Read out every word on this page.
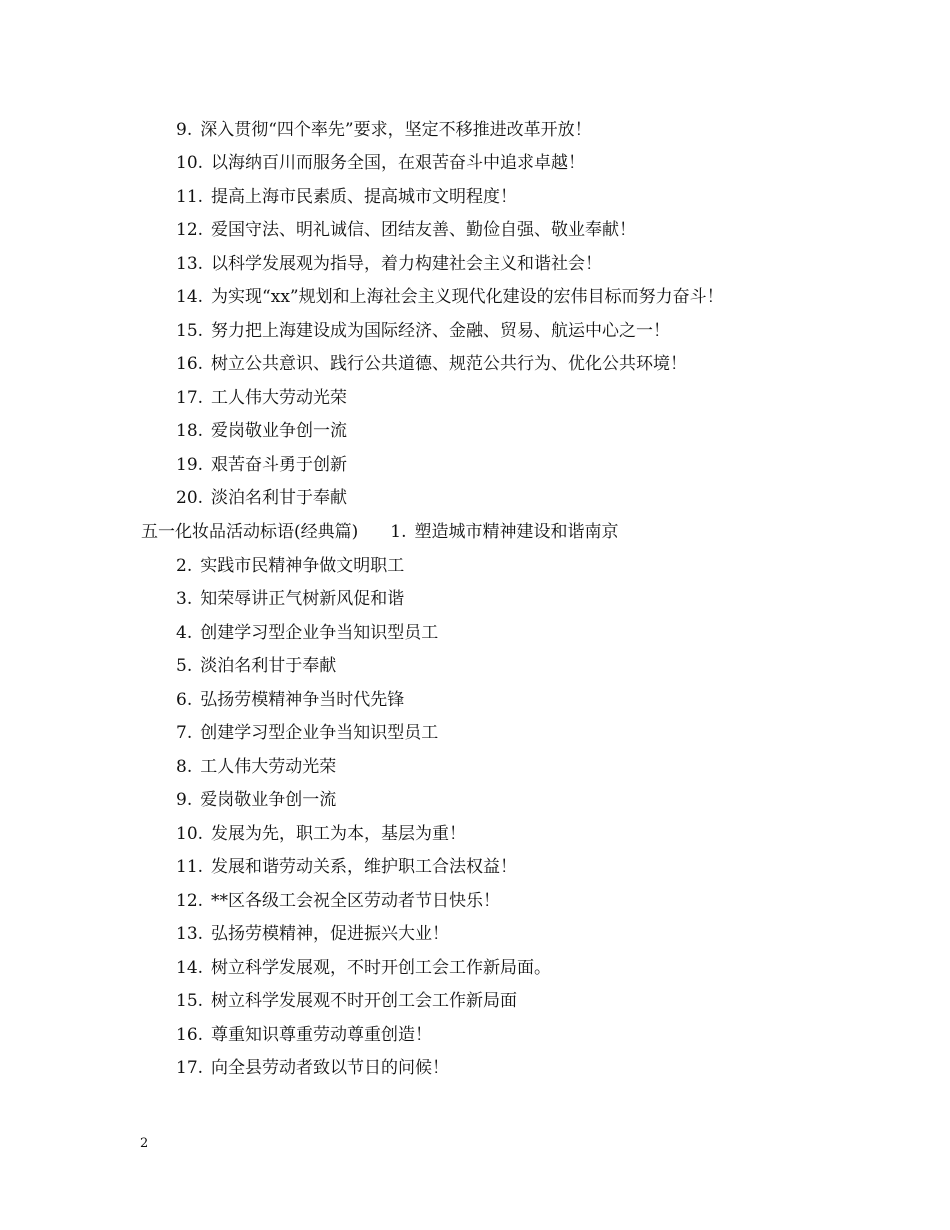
9. 深入贯彻“四个率先”要求，坚定不移推进改革开放！
10. 以海纳百川而服务全国，在艰苦奋斗中追求卓越！
11. 提高上海市民素质、提高城市文明程度！
12. 爱国守法、明礼诚信、团结友善、勤俭自强、敬业奉献！
13. 以科学发展观为指导，着力构建社会主义和谐社会！
14. 为实现“xx”规划和上海社会主义现代化建设的宏伟目标而努力奋斗！
15. 努力把上海建设成为国际经济、金融、贸易、航运中心之一！
16. 树立公共意识、践行公共道德、规范公共行为、优化公共环境！
17. 工人伟大劳动光荣
18. 爱岗敬业争创一流
19. 艰苦奋斗勇于创新
20. 淡泊名利甘于奉献
五一化妆品活动标语(经典篇) 1. 塑造城市精神建设和谐南京
2. 实践市民精神争做文明职工
3. 知荣辱讲正气树新风促和谐
4. 创建学习型企业争当知识型员工
5. 淡泊名利甘于奉献
6. 弘扬劳模精神争当时代先锋
7. 创建学习型企业争当知识型员工
8. 工人伟大劳动光荣
9. 爱岗敬业争创一流
10. 发展为先，职工为本，基层为重！
11. 发展和谐劳动关系，维护职工合法权益！
12. **区各级工会祝全区劳动者节日快乐！
13. 弘扬劳模精神，促进振兴大业！
14. 树立科学发展观，不时开创工会工作新局面。
15. 树立科学发展观不时开创工会工作新局面
16. 尊重知识尊重劳动尊重创造！
17. 向全县劳动者致以节日的问候！
2
